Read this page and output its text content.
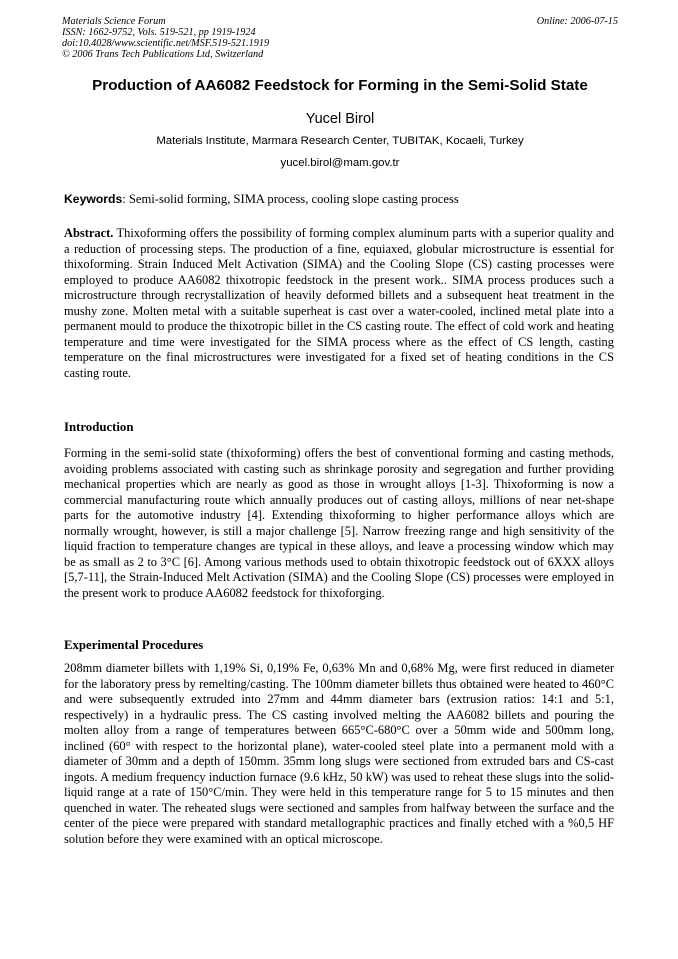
Materials Science Forum
ISSN: 1662-9752, Vols. 519-521, pp 1919-1924
doi:10.4028/www.scientific.net/MSF.519-521.1919
© 2006 Trans Tech Publications Ltd, Switzerland
Online: 2006-07-15
Production of AA6082 Feedstock for Forming in the Semi-Solid State
Yucel Birol
Materials Institute, Marmara Research Center, TUBITAK, Kocaeli, Turkey
yucel.birol@mam.gov.tr
Keywords: Semi-solid forming, SIMA process, cooling slope casting process

Abstract. Thixoforming offers the possibility of forming complex aluminum parts with a superior quality and a reduction of processing steps. The production of a fine, equiaxed, globular microstructure is essential for thixoforming. Strain Induced Melt Activation (SIMA) and the Cooling Slope (CS) casting processes were employed to produce AA6082 thixotropic feedstock in the present work.. SIMA process produces such a microstructure through recrystallization of heavily deformed billets and a subsequent heat treatment in the mushy zone. Molten metal with a suitable superheat is cast over a water-cooled, inclined metal plate into a permanent mould to produce the thixotropic billet in the CS casting route. The effect of cold work and heating temperature and time were investigated for the SIMA process where as the effect of CS length, casting temperature on the final microstructures were investigated for a fixed set of heating conditions in the CS casting route.

Introduction

Forming in the semi-solid state (thixoforming) offers the best of conventional forming and casting methods, avoiding problems associated with casting such as shrinkage porosity and segregation and further providing mechanical properties which are nearly as good as those in wrought alloys [1-3]. Thixoforming is now a commercial manufacturing route which annually produces out of casting alloys, millions of near net-shape parts for the automotive industry [4]. Extending thixoforming to higher performance alloys which are normally wrought, however, is still a major challenge [5]. Narrow freezing range and high sensitivity of the liquid fraction to temperature changes are typical in these alloys, and leave a processing window which may be as small as 2 to 3°C [6]. Among various methods used to obtain thixotropic feedstock out of 6XXX alloys [5,7-11], the Strain-Induced Melt Activation (SIMA) and the Cooling Slope (CS) processes were employed in the present work to produce AA6082 feedstock for thixoforging.

Experimental Procedures

208mm diameter billets with 1,19% Si, 0,19% Fe, 0,63% Mn and 0,68% Mg, were first reduced in diameter for the laboratory press by remelting/casting. The 100mm diameter billets thus obtained were heated to 460°C and were subsequently extruded into 27mm and 44mm diameter bars (extrusion ratios: 14:1 and 5:1, respectively) in a hydraulic press. The CS casting involved melting the AA6082 billets and pouring the molten alloy from a range of temperatures between 665°C-680°C over a 50mm wide and 500mm long, inclined (60° with respect to the horizontal plane), water-cooled steel plate into a permanent mold with a diameter of 30mm and a depth of 150mm. 35mm long slugs were sectioned from extruded bars and CS-cast ingots. A medium frequency induction furnace (9.6 kHz, 50 kW) was used to reheat these slugs into the solid-liquid range at a rate of 150°C/min. They were held in this temperature range for 5 to 15 minutes and then quenched in water. The reheated slugs were sectioned and samples from halfway between the surface and the center of the piece were prepared with standard metallographic practices and finally etched with a %0,5 HF solution before they were examined with an optical microscope.
